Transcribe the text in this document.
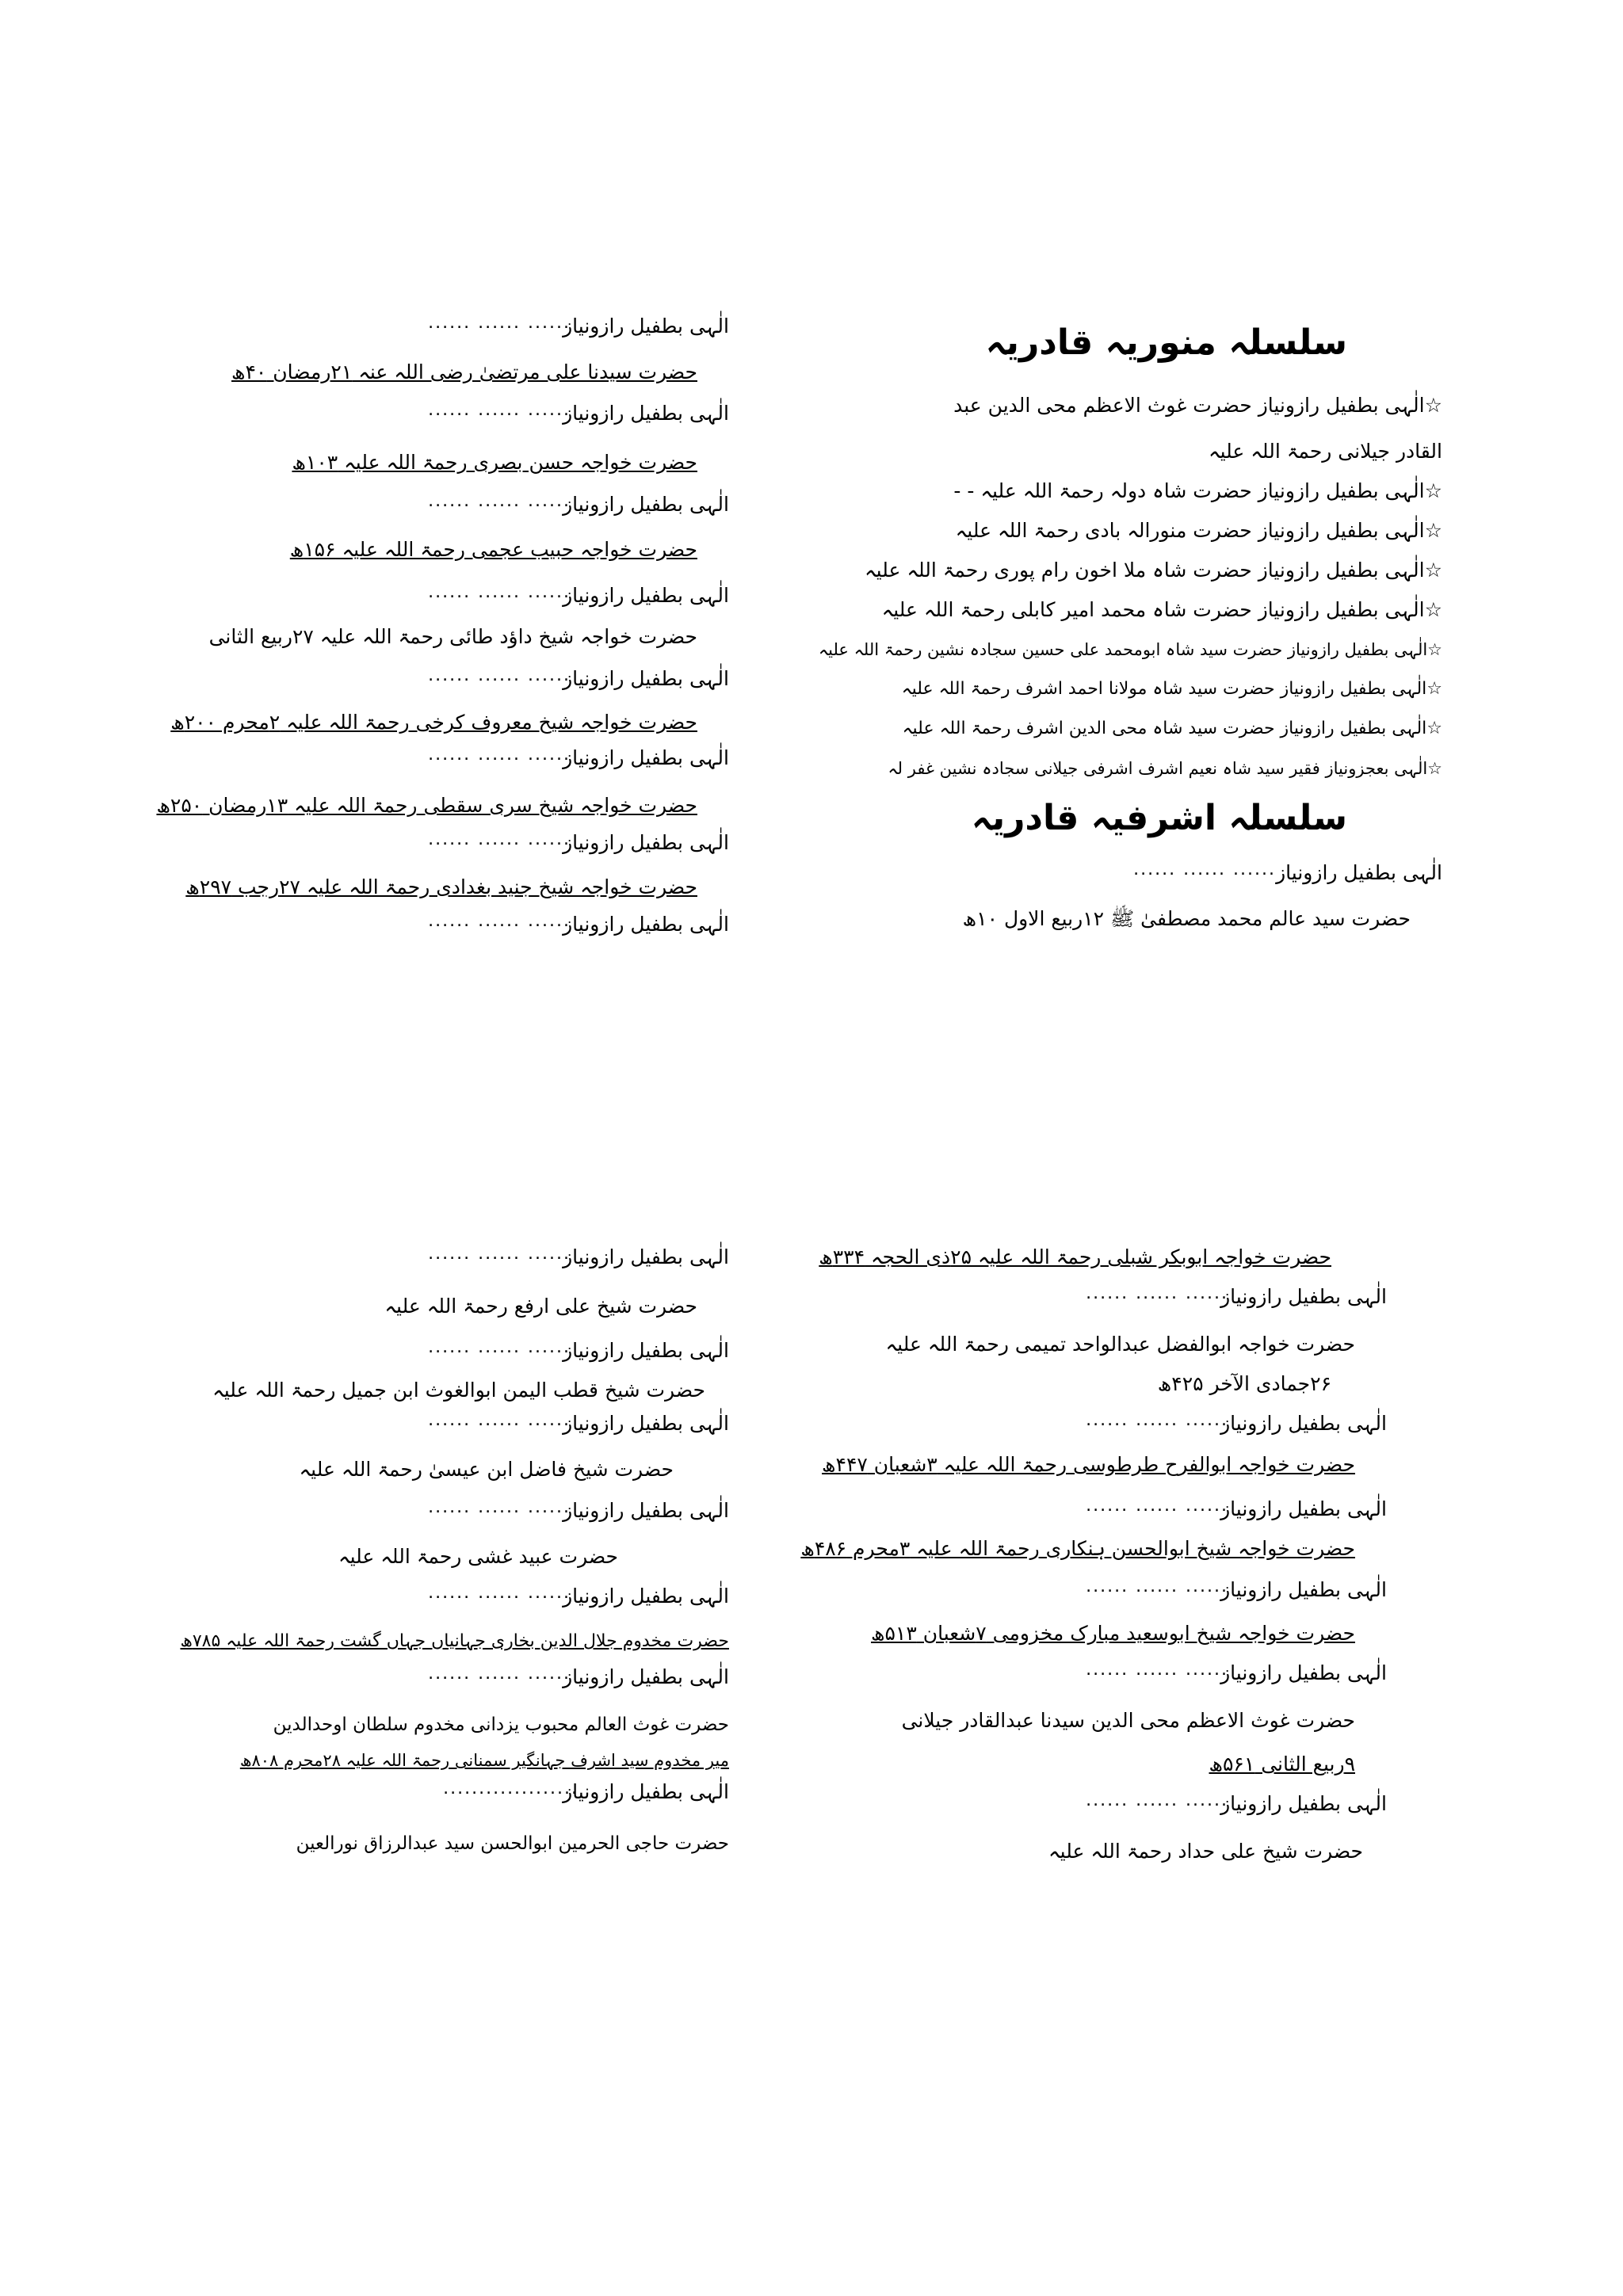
سلسلہ منوریہ قادریہ
☆الٰہی بطفیل رازونیاز حضرت غوث الاعظم محی الدین عبد
القادر جیلانی رحمۃ اللہ علیہ
☆الٰہی بطفیل رازونیاز حضرت شاہ دولہ رحمۃ اللہ علیہ - -
☆الٰہی بطفیل رازونیاز حضرت منورالہ بادی رحمۃ اللہ علیہ
☆الٰہی بطفیل رازونیاز حضرت شاہ ملا اخون رام پوری رحمۃ اللہ علیہ
☆الٰہی بطفیل رازونیاز حضرت شاہ محمد امیر کابلی رحمۃ اللہ علیہ
☆الٰہی بطفیل رازونیاز حضرت سید شاہ ابومحمد علی حسین سجادہ نشین رحمۃ اللہ علیہ
☆الٰہی بطفیل رازونیاز حضرت سید شاہ مولانا احمد اشرف رحمۃ اللہ علیہ
☆الٰہی بطفیل رازونیاز حضرت سید شاہ محی الدین اشرف رحمۃ اللہ علیہ
☆الٰہی بعجزونیاز فقیر سید شاہ نعیم اشرف اشرفی جیلانی سجادہ نشین غفر لہ
سلسلہ اشرفیہ قادریہ
الٰہی بطفیل رازونیاز
...... ...... ......
حضرت سید عالم محمد مصطفیٰ ﷺ ۱۲ربیع الاول ۱۰ھ
الٰہی بطفیل رازونیاز
...... ...... ......
حضرت سیدنا علی مرتضیٰ رضی اللہ عنہ ۲۱رمضان ۴۰ھ
الٰہی بطفیل رازونیاز
...... ...... ......
حضرت خواجہ حسن بصری رحمۃ اللہ علیہ ۱۰۳ھ
الٰہی بطفیل رازونیاز
...... ...... ......
حضرت خواجہ حبیب عجمی رحمۃ اللہ علیہ ۱۵۶ھ
الٰہی بطفیل رازونیاز
...... ...... ......
حضرت خواجہ شیخ داؤد طائی رحمۃ اللہ علیہ ۲۷ربیع الثانی
الٰہی بطفیل رازونیاز
...... ...... ......
حضرت خواجہ شیخ معروف کرخی رحمۃ اللہ علیہ ۲محرم ۲۰۰ھ
الٰہی بطفیل رازونیاز
...... ...... ......
حضرت خواجہ شیخ سری سقطی رحمۃ اللہ علیہ ۱۳رمضان ۲۵۰ھ
الٰہی بطفیل رازونیاز
...... ...... ......
حضرت خواجہ شیخ جنید بغدادی رحمۃ اللہ علیہ ۲۷رجب ۲۹۷ھ
الٰہی بطفیل رازونیاز
...... ...... ......
حضرت خواجہ ابوبکر شبلی رحمۃ اللہ علیہ ۲۵ذی الحجہ ۳۳۴ھ
الٰہی بطفیل رازونیاز
...... ...... ......
حضرت خواجہ ابوالفضل عبدالواحد تمیمی رحمۃ اللہ علیہ
۲۶جمادی الآخر ۴۲۵ھ
الٰہی بطفیل رازونیاز
...... ...... ......
حضرت خواجہ ابوالفرح طرطوسی رحمۃ اللہ علیہ ۳شعبان ۴۴۷ھ
الٰہی بطفیل رازونیاز
...... ...... ......
حضرت خواجہ شیخ ابوالحسن ہنکاری رحمۃ اللہ علیہ ۳محرم ۴۸۶ھ
الٰہی بطفیل رازونیاز
...... ...... ......
حضرت خواجہ شیخ ابوسعید مبارک مخزومی ۷شعبان ۵۱۳ھ
الٰہی بطفیل رازونیاز
...... ...... ......
حضرت غوث الاعظم محی الدین سیدنا عبدالقادر جیلانی
۹ربیع الثانی ۵۶۱ھ
الٰہی بطفیل رازونیاز
...... ...... ......
حضرت شیخ علی حداد رحمۃ اللہ علیہ
الٰہی بطفیل رازونیاز
...... ...... ......
حضرت شیخ علی ارفع رحمۃ اللہ علیہ
الٰہی بطفیل رازونیاز
...... ...... ......
حضرت شیخ قطب الیمن ابوالغوث ابن جمیل رحمۃ اللہ علیہ
الٰہی بطفیل رازونیاز
...... ...... ......
حضرت شیخ فاضل ابن عیسیٰ رحمۃ اللہ علیہ
الٰہی بطفیل رازونیاز
...... ...... ......
حضرت عبید غشی رحمۃ اللہ علیہ
الٰہی بطفیل رازونیاز
...... ...... ......
حضرت مخدوم جلال الدین بخاری جہانیاں جہاں گشت رحمۃ اللہ علیہ ۷۸۵ھ
الٰہی بطفیل رازونیاز
...... ...... ......
حضرت غوث العالم محبوب یزدانی مخدوم سلطان اوحدالدین
میر مخدوم سید اشرف جہانگیر سمنانی رحمۃ اللہ علیہ ۲۸محرم ۸۰۸ھ
الٰہی بطفیل رازونیاز
...................
حضرت حاجی الحرمین ابوالحسن سید عبدالرزاق نورالعین
